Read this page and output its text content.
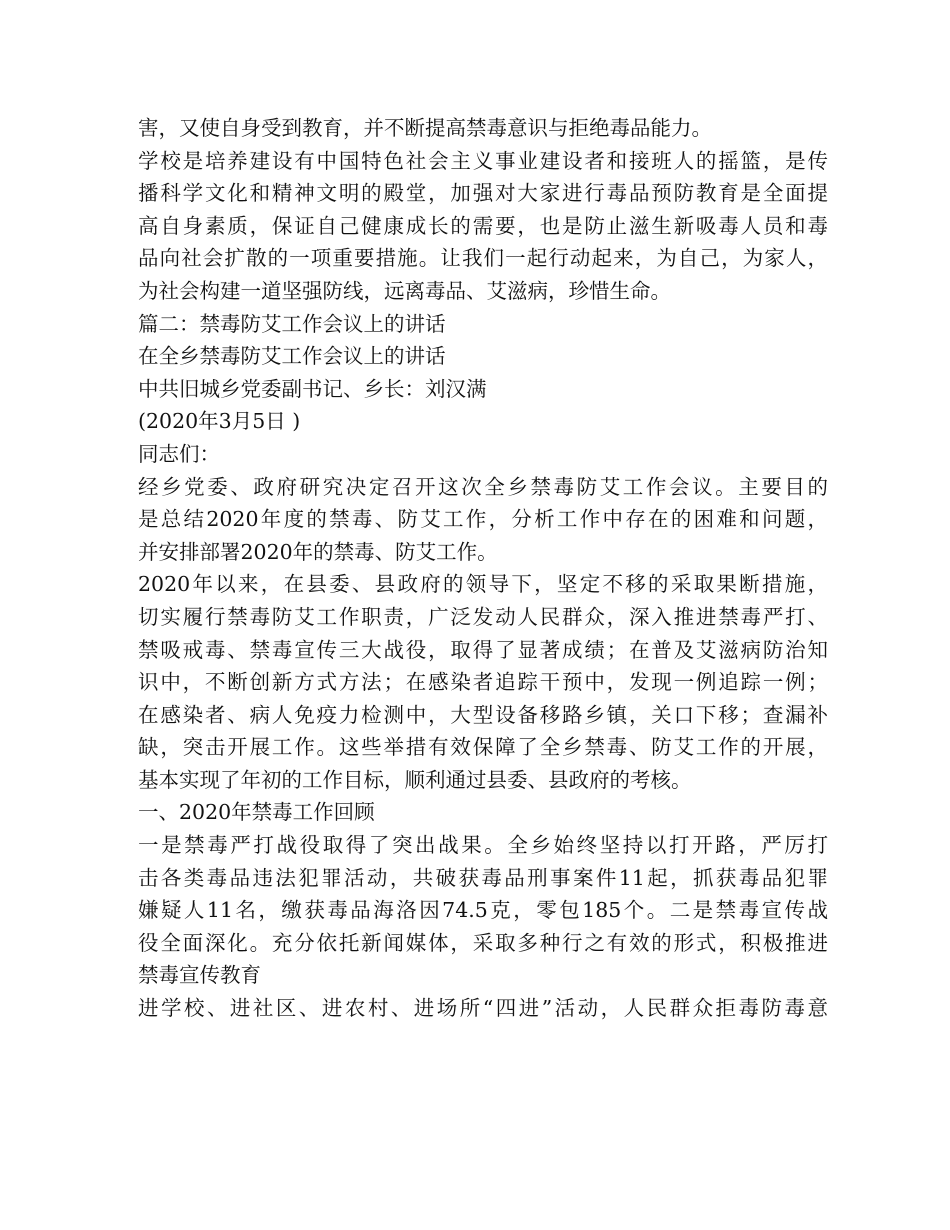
害，又使自身受到教育，并不断提高禁毒意识与拒绝毒品能力。
学校是培养建设有中国特色社会主义事业建设者和接班人的摇篮，是传
播科学文化和精神文明的殿堂，加强对大家进行毒品预防教育是全面提
高自身素质，保证自己健康成长的需要，也是防止滋生新吸毒人员和毒
品向社会扩散的一项重要措施。让我们一起行动起来，为自己，为家人，
为社会构建一道坚强防线，远离毒品、艾滋病，珍惜生命。
篇二：禁毒防艾工作会议上的讲话
在全乡禁毒防艾工作会议上的讲话
中共旧城乡党委副书记、乡长：刘汉满
(2020年3月5日 )
同志们：
经乡党委、政府研究决定召开这次全乡禁毒防艾工作会议。主要目的
是总结2020年度的禁毒、防艾工作，分析工作中存在的困难和问题，
并安排部署2020年的禁毒、防艾工作。
2020年以来，在县委、县政府的领导下，坚定不移的采取果断措施，
切实履行禁毒防艾工作职责，广泛发动人民群众，深入推进禁毒严打、
禁吸戒毒、禁毒宣传三大战役，取得了显著成绩；在普及艾滋病防治知
识中，不断创新方式方法；在感染者追踪干预中，发现一例追踪一例；
在感染者、病人免疫力检测中，大型设备移路乡镇，关口下移；查漏补
缺，突击开展工作。这些举措有效保障了全乡禁毒、防艾工作的开展，
基本实现了年初的工作目标，顺利通过县委、县政府的考核。
一、2020年禁毒工作回顾
一是禁毒严打战役取得了突出战果。全乡始终坚持以打开路，严厉打
击各类毒品违法犯罪活动，共破获毒品刑事案件11起，抓获毒品犯罪
嫌疑人11名，缴获毒品海洛因74.5克，零包185个。二是禁毒宣传战
役全面深化。充分依托新闻媒体，采取多种行之有效的形式，积极推进
禁毒宣传教育
进学校、进社区、进农村、进场所“四进”活动，人民群众拒毒防毒意
